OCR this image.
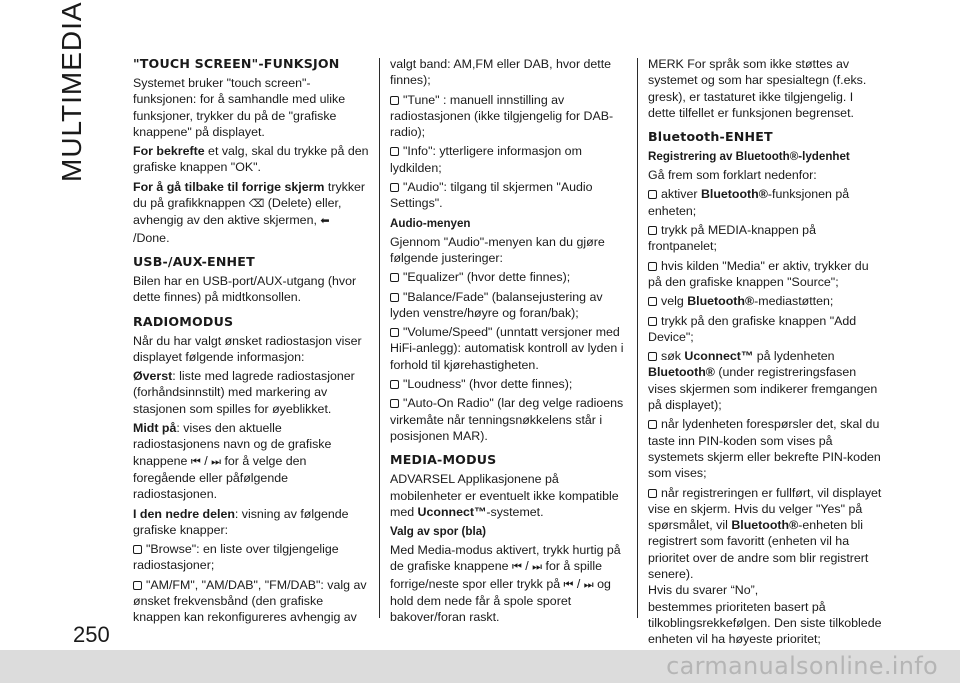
MULTIMEDIA
250
"TOUCH SCREEN"-FUNKSJON

Systemet bruker "touch screen"-funksjonen: for å samhandle med ulike funksjoner, trykker du på de "grafiske knappene" på displayet.

For bekrefte et valg, skal du trykke på den grafiske knappen "OK".

For å gå tilbake til forrige skjerm trykker du på grafikknappen ⌫ (Delete) eller, avhengig av den aktive skjermen, ⬅ /Done.

USB-/AUX-ENHET

Bilen har en USB-port/AUX-utgang (hvor dette finnes) på midtkonsollen.

RADIOMODUS

Når du har valgt ønsket radiostasjon viser displayet følgende informasjon:

Øverst: liste med lagrede radiostasjoner (forhåndsinnstilt) med markering av stasjonen som spilles for øyeblikket.

Midt på: vises den aktuelle radiostasjonens navn og de grafiske knappene ⏮ / ⏭ for å velge den foregående eller påfølgende radiostasjonen.

I den nedre delen: visning av følgende grafiske knapper:

"Browse": en liste over tilgjengelige radiostasjoner;

"AM/FM", "AM/DAB", "FM/DAB": valg av ønsket frekvensbånd (den grafiske knappen kan rekonfigureres avhengig av

valgt band: AM,FM eller DAB, hvor dette finnes);

"Tune" : manuell innstilling av radiostasjonen (ikke tilgjengelig for DAB-radio);

"Info": ytterligere informasjon om lydkilden;

"Audio": tilgang til skjermen "Audio Settings".

Audio-menyen

Gjennom "Audio"-menyen kan du gjøre følgende justeringer:

"Equalizer" (hvor dette finnes);

"Balance/Fade" (balansejustering av lyden venstre/høyre og foran/bak);

"Volume/Speed" (unntatt versjoner med HiFi-anlegg): automatisk kontroll av lyden i forhold til kjørehastigheten.

"Loudness" (hvor dette finnes);

"Auto-On Radio" (lar deg velge radioens virkemåte når tenningsnøkkelens står i posisjonen MAR).

MEDIA-MODUS

ADVARSEL Applikasjonene på mobilenheter er eventuelt ikke kompatible med Uconnect™-systemet.

Valg av spor (bla)

Med Media-modus aktivert, trykk hurtig på de grafiske knappene ⏮ / ⏭ for å spille forrige/neste spor eller trykk på ⏮ / ⏭ og hold dem nede får å spole sporet bakover/foran raskt.

MERK For språk som ikke støttes av systemet og som har spesialtegn (f.eks. gresk), er tastaturet ikke tilgjengelig. I dette tilfellet er funksjonen begrenset.

Bluetooth-ENHET
Registrering av Bluetooth®-lydenhet

Gå frem som forklart nedenfor:

aktiver Bluetooth®-funksjonen på enheten;

trykk på MEDIA-knappen på frontpanelet;

hvis kilden "Media" er aktiv, trykker du på den grafiske knappen "Source";

velg Bluetooth®-mediastøtten;

trykk på den grafiske knappen "Add Device";

søk Uconnect™ på lydenheten Bluetooth® (under registreringsfasen vises skjermen som indikerer fremgangen på displayet);

når lydenheten forespørsler det, skal du taste inn PIN-koden som vises på systemets skjerm eller bekrefte PIN-koden som vises;

når registreringen er fullført, vil displayet vise en skjerm. Hvis du velger "Yes" på spørsmålet, vil Bluetooth®-enheten bli registrert som favoritt (enheten vil ha prioritet over de andre som blir registrert senere).
Hvis du svarer “No”,
bestemmes prioriteten basert på tilkoblingsrekkefølgen. Den siste tilkoblede enheten vil ha høyeste prioritet;

carmanualsonline.info
